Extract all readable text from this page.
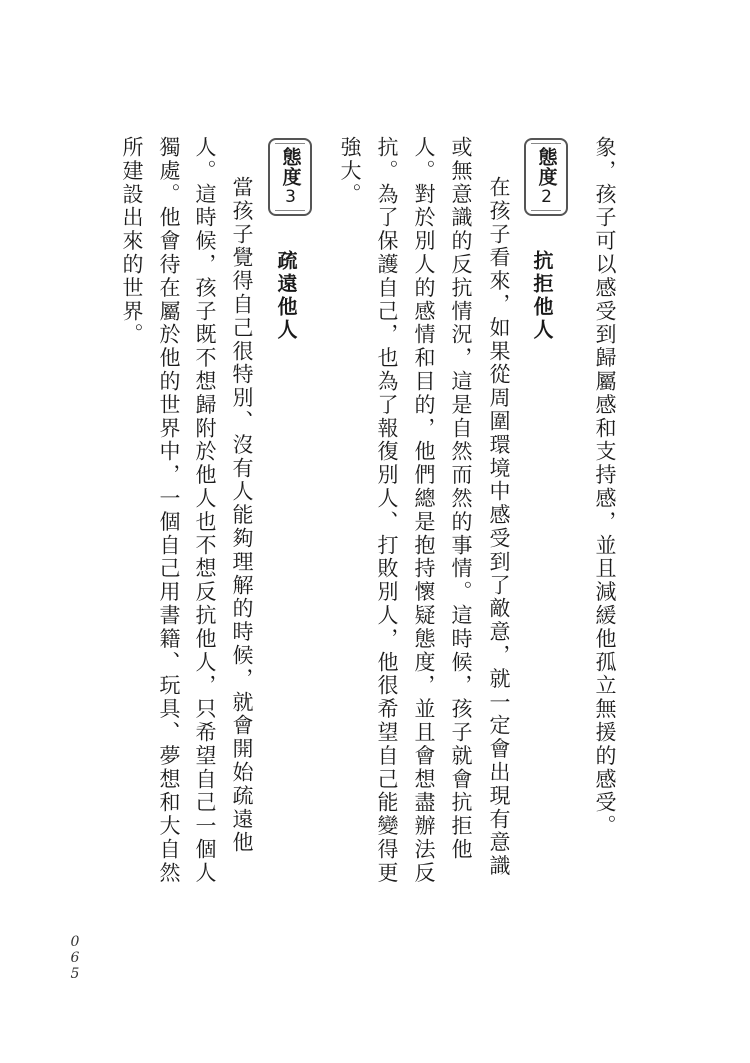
象，孩子可以感受到歸屬感和支持感，並且減緩他孤立無援的感受。
態度2
抗拒他人
在孩子看來，如果從周圍環境中感受到了敵意，就一定會出現有意識
或無意識的反抗情況，這是自然而然的事情。這時候，孩子就會抗拒他
人。對於別人的感情和目的，他們總是抱持懷疑態度，並且會想盡辦法反
抗。為了保護自己，也為了報復別人、打敗別人，他很希望自己能變得更
強大。
態度3
疏遠他人
當孩子覺得自己很特別、沒有人能夠理解的時候，就會開始疏遠他
人。這時候，孩子既不想歸附於他人也不想反抗他人，只希望自己一個人
獨處。他會待在屬於他的世界中，一個自己用書籍、玩具、夢想和大自然
所建設出來的世界。
0
6
5
